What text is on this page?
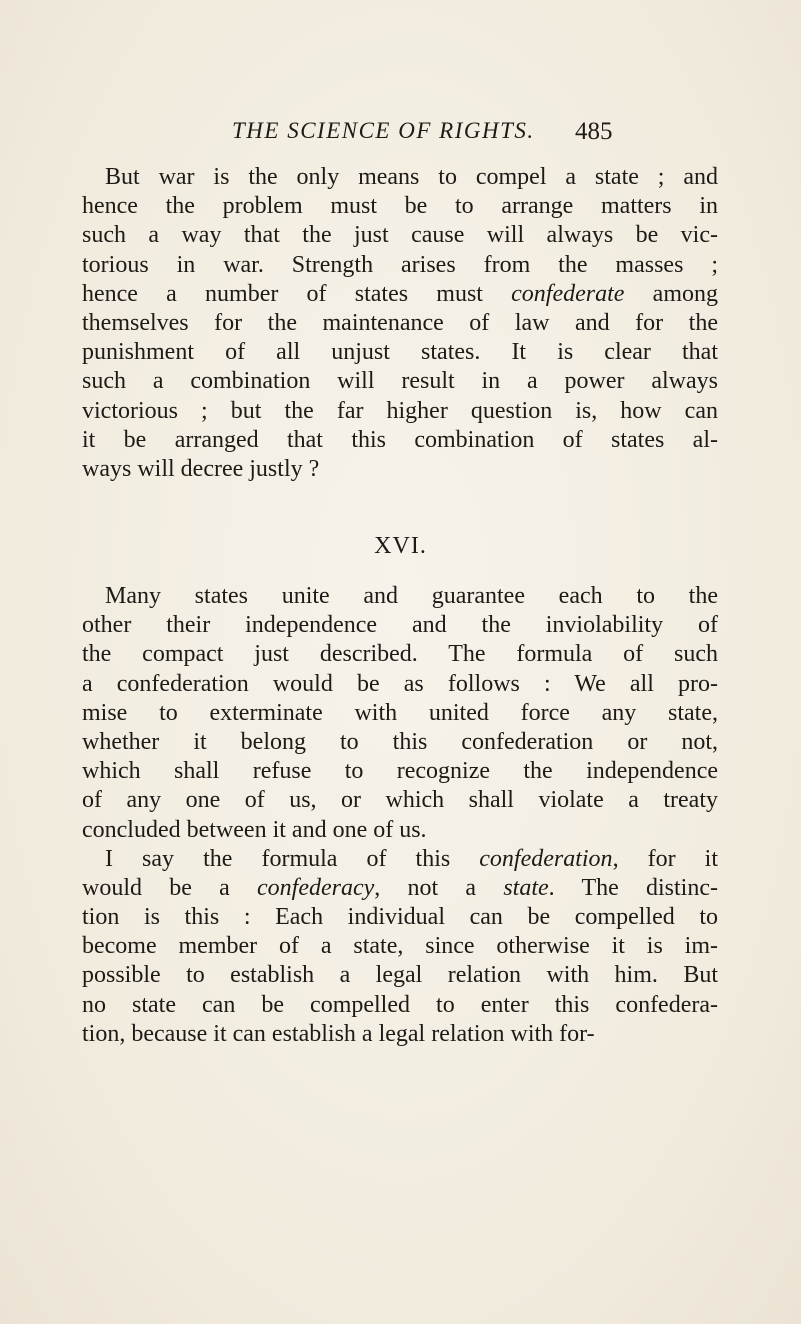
THE SCIENCE OF RIGHTS. 485
But war is the only means to compel a state ; and
hence the problem must be to arrange matters in
such a way that the just cause will always be vic-
torious in war. Strength arises from the masses ;
hence a number of states must confederate among
themselves for the maintenance of law and for the
punishment of all unjust states. It is clear that
such a combination will result in a power always
victorious ; but the far higher question is, how can
it be arranged that this combination of states al-
ways will decree justly ?
XVI.
Many states unite and guarantee each to the
other their independence and the inviolability of
the compact just described. The formula of such
a confederation would be as follows : We all pro-
mise to exterminate with united force any state,
whether it belong to this confederation or not,
which shall refuse to recognize the independence
of any one of us, or which shall violate a treaty
concluded between it and one of us.
I say the formula of this confederation, for it
would be a confederacy, not a state. The distinc-
tion is this : Each individual can be compelled to
become member of a state, since otherwise it is im-
possible to establish a legal relation with him. But
no state can be compelled to enter this confedera-
tion, because it can establish a legal relation with for-
